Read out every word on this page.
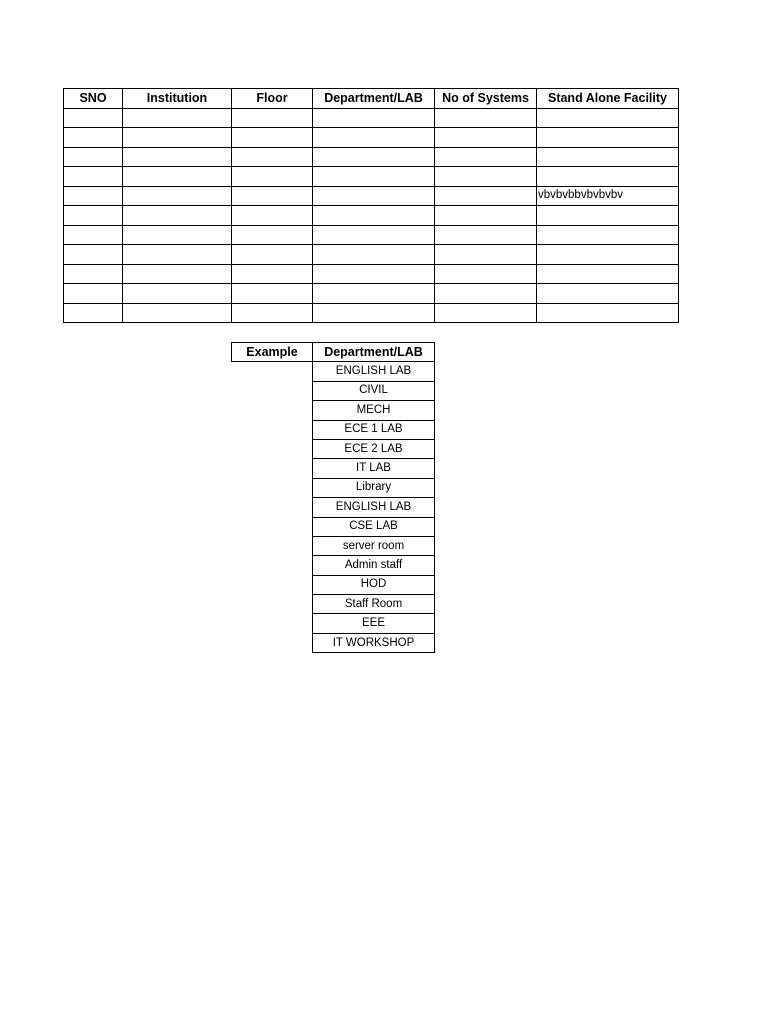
SNO	Institution	Floor	Department/LAB	No of Systems	Stand Alone Facility

					vbvbvbbvbvbvbv

Example	Department/LAB
	ENGLISH LAB
	CIVIL
	MECH
	ECE 1 LAB
	ECE 2 LAB
	IT LAB
	Library
	ENGLISH LAB
	CSE LAB
	server room
	Admin staff
	HOD
	Staff Room
	EEE
	IT WORKSHOP
